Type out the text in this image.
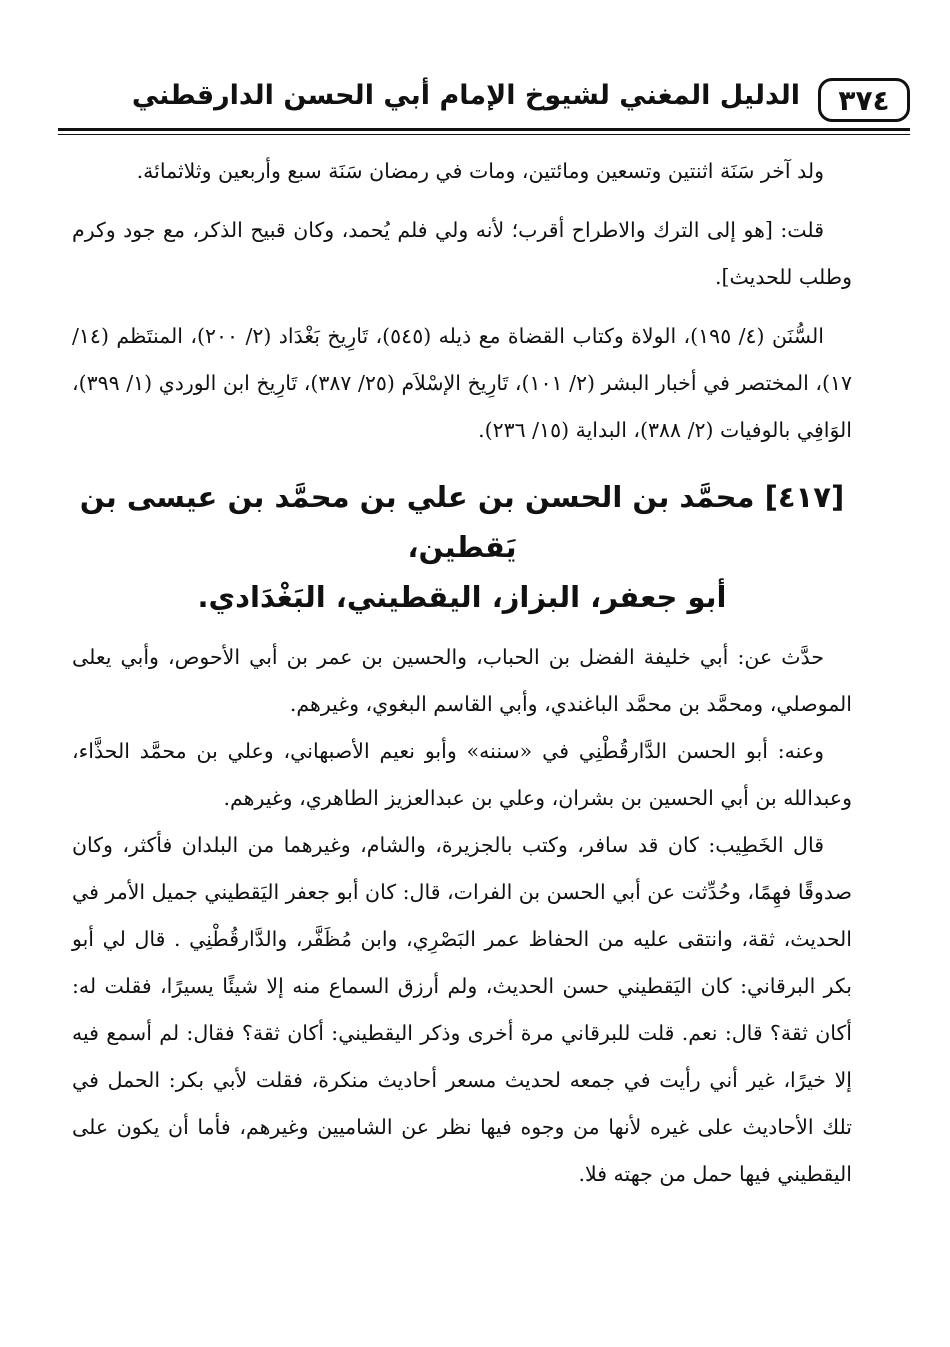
٣٧٤
الدليل المغني لشيوخ الإمام أبي الحسن الدارقطني

ولد آخر سَنَة اثنتين وتسعين ومائتين، ومات في رمضان سَنَة سبع وأربعين وثلاثمائة.

قلت: [هو إلى الترك والاطراح أقرب؛ لأنه ولي فلم يُحمد، وكان قبيح الذكر، مع جود وكرم وطلب للحديث].

السُّنَن (٤/ ١٩٥)، الولاة وكتاب القضاة مع ذيله (٥٤٥)، تَارِيخ بَغْدَاد (٢/ ٢٠٠)، المنتَظم (١٤/ ١٧)، المختصر في أخبار البشر (٢/ ١٠١)، تَارِيخ الإسْلاَم (٢٥/ ٣٨٧)، تَارِيخ ابن الوردي (١/ ٣٩٩)، الوَافِي بالوفيات (٢/ ٣٨٨)، البداية (١٥/ ٢٣٦).

[٤١٧] محمَّد بن الحسن بن علي بن محمَّد بن عيسى بن يَقطين،
أبو جعفر، البزاز، اليقطيني، البَغْدَادي.

حدَّث عن: أبي خليفة الفضل بن الحباب، والحسين بن عمر بن أبي الأحوص، وأبي يعلى الموصلي، ومحمَّد بن محمَّد الباغندي، وأبي القاسم البغوي، وغيرهم.

وعنه: أبو الحسن الدَّارقُطْنِي في «سننه» وأبو نعيم الأصبهاني، وعلي بن محمَّد الحذَّاء، وعبدالله بن أبي الحسين بن بشران، وعلي بن عبدالعزيز الطاهري، وغيرهم.

قال الخَطِيب: كان قد سافر، وكتب بالجزيرة، والشام، وغيرهما من البلدان فأكثر، وكان صدوقًا فهِمًا، وحُدِّثت عن أبي الحسن بن الفرات، قال: كان أبو جعفر اليَقطيني جميل الأمر في الحديث، ثقة، وانتقى عليه من الحفاظ عمر البَصْرِي، وابن مُظَفَّر، والدَّارقُطْنِي . قال لي أبو بكر البرقاني: كان اليَقطيني حسن الحديث، ولم أرزق السماع منه إلا شيئًا يسيرًا، فقلت له: أكان ثقة؟ قال: نعم. قلت للبرقاني مرة أخرى وذكر اليقطيني: أكان ثقة؟ فقال: لم أسمع فيه إلا خيرًا، غير أني رأيت في جمعه لحديث مسعر أحاديث منكرة، فقلت لأبي بكر: الحمل في تلك الأحاديث على غيره لأنها من وجوه فيها نظر عن الشاميين وغيرهم، فأما أن يكون على اليقطيني فيها حمل من جهته فلا.
